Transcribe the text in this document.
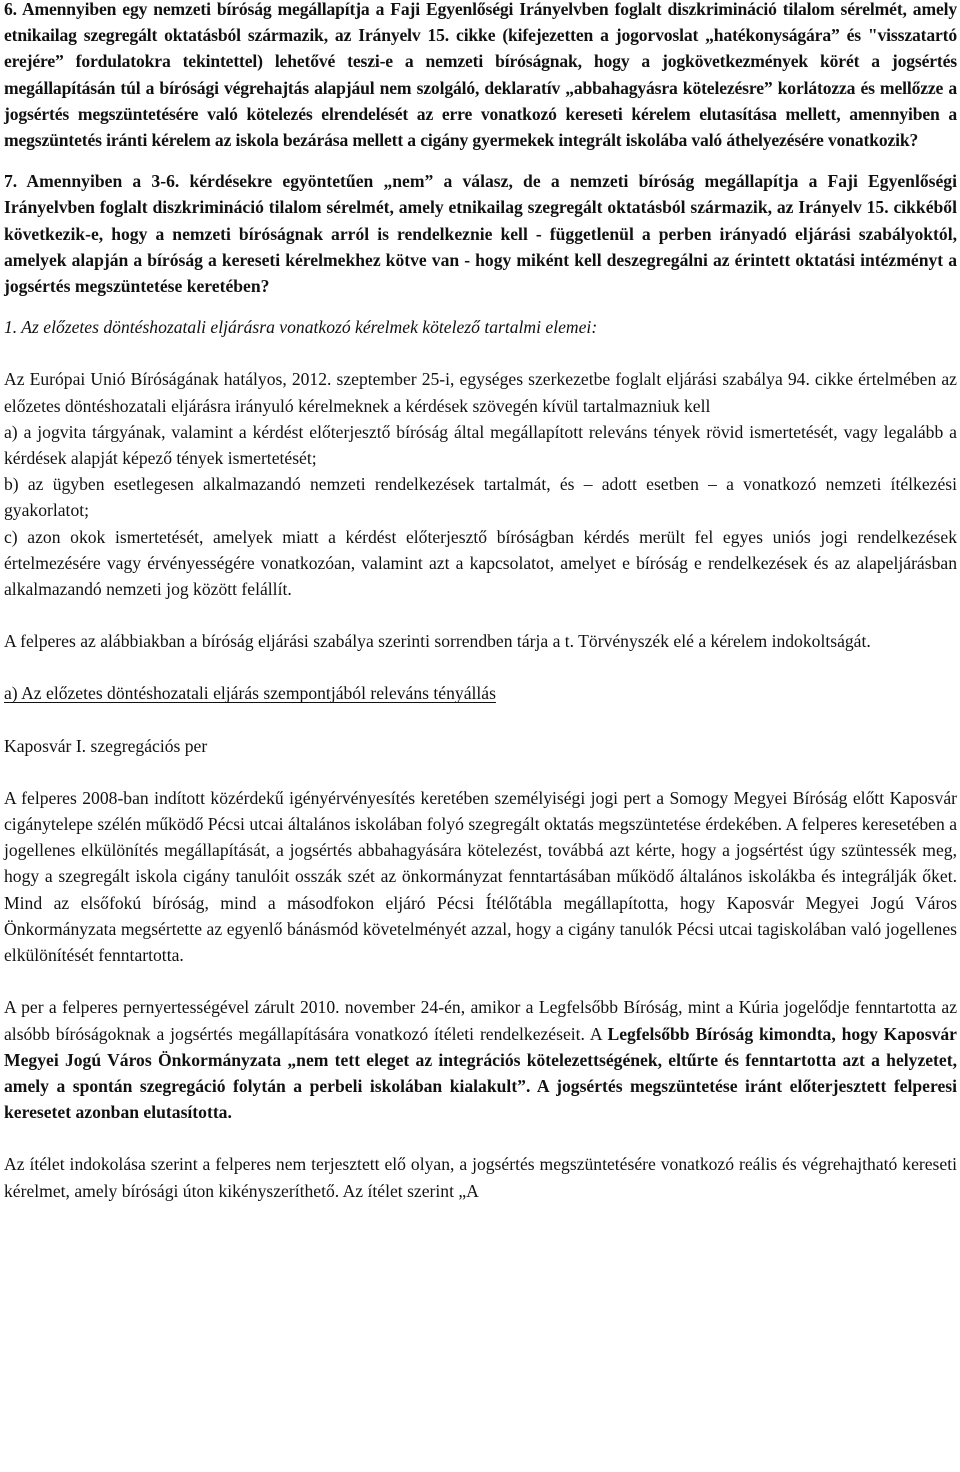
6. Amennyiben egy nemzeti bíróság megállapítja a Faji Egyenlőségi Irányelvben foglalt diszkrimináció tilalom sérelmét, amely etnikailag szegregált oktatásból származik, az Irányelv 15. cikke (kifejezetten a jogorvoslat „hatékonyságára” és "visszatartó erejére” fordulatokra tekintettel) lehetővé teszi-e a nemzeti bíróságnak, hogy a jogkövetkezmények körét a jogsértés megállapításán túl a bírósági végrehajtás alapjául nem szolgáló, deklaratív „abbahagyásra kötelezésre” korlátozza és mellőzze a jogsértés megszüntetésére való kötelezés elrendelését az erre vonatkozó kereseti kérelem elutasítása mellett, amennyiben a megszüntetés iránti kérelem az iskola bezárása mellett a cigány gyermekek integrált iskolába való áthelyezésére vonatkozik?

7. Amennyiben a 3-6. kérdésekre egyöntetűen „nem” a válasz, de a nemzeti bíróság megállapítja a Faji Egyenlőségi Irányelvben foglalt diszkrimináció tilalom sérelmét, amely etnikailag szegregált oktatásból származik, az Irányelv 15. cikkéből következik-e, hogy a nemzeti bíróságnak arról is rendelkeznie kell - függetlenül a perben irányadó eljárási szabályoktól, amelyek alapján a bíróság a kereseti kérelmekhez kötve van - hogy miként kell deszegregálni az érintett oktatási intézményt a jogsértés megszüntetése keretében?

1. Az előzetes döntéshozatali eljárásra vonatkozó kérelmek kötelező tartalmi elemei:

Az Európai Unió Bíróságának hatályos, 2012. szeptember 25-i, egységes szerkezetbe foglalt eljárási szabálya 94. cikke értelmében az előzetes döntéshozatali eljárásra irányuló kérelmeknek a kérdések szövegén kívül tartalmazniuk kell

a) a jogvita tárgyának, valamint a kérdést előterjesztő bíróság által megállapított releváns tények rövid ismertetését, vagy legalább a kérdések alapját képező tények ismertetését;

b) az ügyben esetlegesen alkalmazandó nemzeti rendelkezések tartalmát, és – adott esetben – a vonatkozó nemzeti ítélkezési gyakorlatot;

c) azon okok ismertetését, amelyek miatt a kérdést előterjesztő bíróságban kérdés merült fel egyes uniós jogi rendelkezések értelmezésére vagy érvényességére vonatkozóan, valamint azt a kapcsolatot, amelyet e bíróság e rendelkezések és az alapeljárásban alkalmazandó nemzeti jog között felállít.

A felperes az alábbiakban a bíróság eljárási szabálya szerinti sorrendben tárja a t. Törvényszék elé a kérelem indokoltságát.

a) Az előzetes döntéshozatali eljárás szempontjából releváns tényállás

Kaposvár I. szegregációs per

A felperes 2008-ban indított közérdekű igényérvényesítés keretében személyiségi jogi pert a Somogy Megyei Bíróság előtt Kaposvár cigánytelepe szélén működő Pécsi utcai általános iskolában folyó szegregált oktatás megszüntetése érdekében. A felperes keresetében a jogellenes elkülönítés megállapítását, a jogsértés abbahagyására kötelezést, továbbá azt kérte, hogy a jogsértést úgy szüntessék meg, hogy a szegregált iskola cigány tanulóit osszák szét az önkormányzat fenntartásában működő általános iskolákba és integrálják őket. Mind az elsőfokú bíróság, mind a másodfokon eljáró Pécsi Ítélőtábla megállapította, hogy Kaposvár Megyei Jogú Város Önkormányzata megsértette az egyenlő bánásmód követelményét azzal, hogy a cigány tanulók Pécsi utcai tagiskolában való jogellenes elkülönítését fenntartotta.

A per a felperes pernyertességével zárult 2010. november 24-én, amikor a Legfelsőbb Bíróság, mint a Kúria jogelődje fenntartotta az alsóbb bíróságoknak a jogsértés megállapítására vonatkozó ítéleti rendelkezéseit. A Legfelsőbb Bíróság kimondta, hogy Kaposvár Megyei Jogú Város Önkormányzata „nem tett eleget az integrációs kötelezettségének, eltűrte és fenntartotta azt a helyzetet, amely a spontán szegregáció folytán a perbeli iskolában kialakult”. A jogsértés megszüntetése iránt előterjesztett felperesi keresetet azonban elutasította.

Az ítélet indokolása szerint a felperes nem terjesztett elő olyan, a jogsértés megszüntetésére vonatkozó reális és végrehajtható kereseti kérelmet, amely bírósági úton kikényszeríthető. Az ítélet szerint „A
